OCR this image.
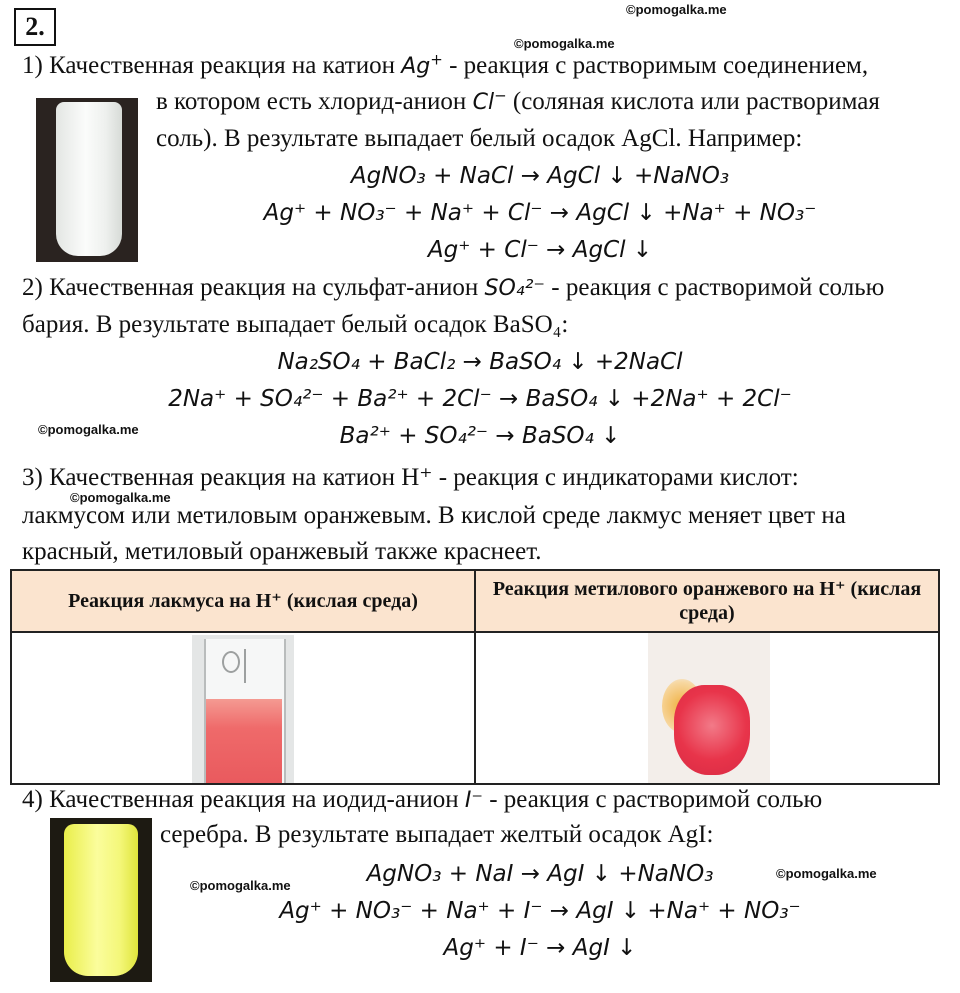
2.
©pomogalka.me
©pomogalka.me
©pomogalka.me
©pomogalka.me
©pomogalka.me
©pomogalka.me
1) Качественная реакция на катион Ag+ - реакция с растворимым соединением,
в котором есть хлорид-анион Cl− (соляная кислота или растворимая
соль). В результате выпадает белый осадок AgCl. Например:
AgNO₃ + NaCl → AgCl ↓ +NaNO₃
Ag⁺ + NO₃⁻ + Na⁺ + Cl⁻ → AgCl ↓ +Na⁺ + NO₃⁻
Ag⁺ + Cl⁻ → AgCl ↓
2) Качественная реакция на сульфат-анион SO₄²⁻ - реакция с растворимой солью
бария. В результате выпадает белый осадок BaSO₄:
Na₂SO₄ + BaCl₂ → BaSO₄ ↓ +2NaCl
2Na⁺ + SO₄²⁻ + Ba²⁺ + 2Cl⁻ → BaSO₄ ↓ +2Na⁺ + 2Cl⁻
Ba²⁺ + SO₄²⁻ → BaSO₄ ↓
3) Качественная реакция на катион H⁺ - реакция с индикаторами кислот:
лакмусом или метиловым оранжевым. В кислой среде лакмус меняет цвет на
красный, метиловый оранжевый также краснеет.
Реакция лакмуса на H⁺ (кислая среда)	Реакция метилового оранжевого на H⁺ (кислая среда)

4) Качественная реакция на иодид-анион I⁻ - реакция с растворимой солью
серебра. В результате выпадает желтый осадок AgI:
AgNO₃ + NaI → AgI ↓ +NaNO₃
Ag⁺ + NO₃⁻ + Na⁺ + I⁻ → AgI ↓ +Na⁺ + NO₃⁻
Ag⁺ + I⁻ → AgI ↓
